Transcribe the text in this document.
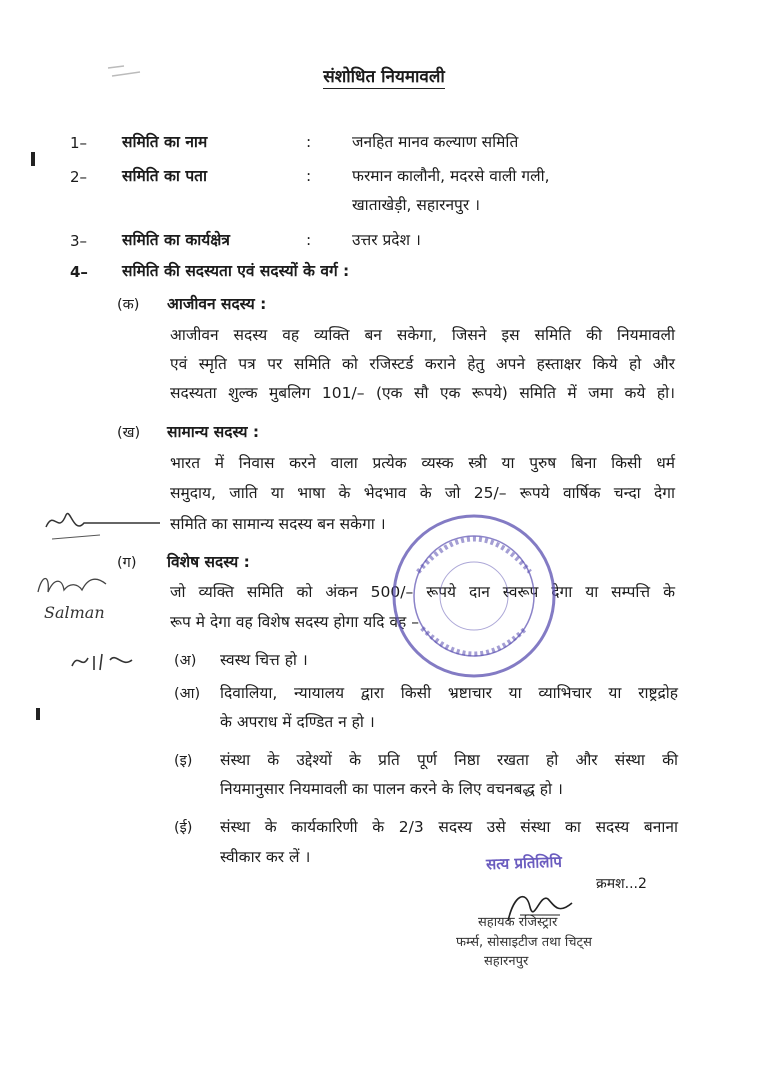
संशोधित नियमावली
1– समिति का नाम	:	जनहित मानव कल्याण समिति
2– समिति का पता	:	फरमान कालौनी, मदरसे वाली गली,
खाताखेड़ी, सहारनपुर ।
3– समिति का कार्यक्षेत्र	:	उत्तर प्रदेश ।
4– समिति की सदस्यता एवं सदस्यों के वर्ग :
(क) आजीवन सदस्य :
आजीवन सदस्य वह व्यक्ति बन सकेगा, जिसने इस समिति की नियमावली
एवं स्मृति पत्र पर समिति को रजिस्टर्ड कराने हेतु अपने हस्ताक्षर किये हो और
सदस्यता शुल्क मुबलिग 101/– (एक सौ एक रूपये) समिति में जमा कये हो।
(ख) सामान्य सदस्य :
भारत में निवास करने वाला प्रत्येक व्यस्क स्त्री या पुरुष बिना किसी धर्म
समुदाय, जाति या भाषा के भेदभाव के जो 25/– रूपये वार्षिक चन्दा देगा
समिति का सामान्य सदस्य बन सकेगा ।
(ग) विशेष सदस्य :
जो व्यक्ति समिति को अंकन 500/– रूपये दान स्वरूप देगा या सम्पत्ति के
रूप मे देगा वह विशेष सदस्य होगा यदि वह –
(अ) स्वस्थ चित्त हो ।
(आ) दिवालिया, न्यायालय द्वारा किसी भ्रष्टाचार या व्याभिचार या राष्ट्रद्रोह
के अपराध में दण्डित न हो ।
(इ) संस्था के उद्देश्यों के प्रति पूर्ण निष्ठा रखता हो और संस्था की
नियमानुसार नियमावली का पालन करने के लिए वचनबद्ध हो ।
(ई) संस्था के कार्यकारिणी के 2/3 सदस्य उसे संस्था का सदस्य बनाना
स्वीकार कर लें ।	सत्य प्रतिलिपि
क्रमश...2
सहायक रजिस्ट्रार
फर्म्स, सोसाइटीज तथा चिट्स
सहारनपुर
Salman
